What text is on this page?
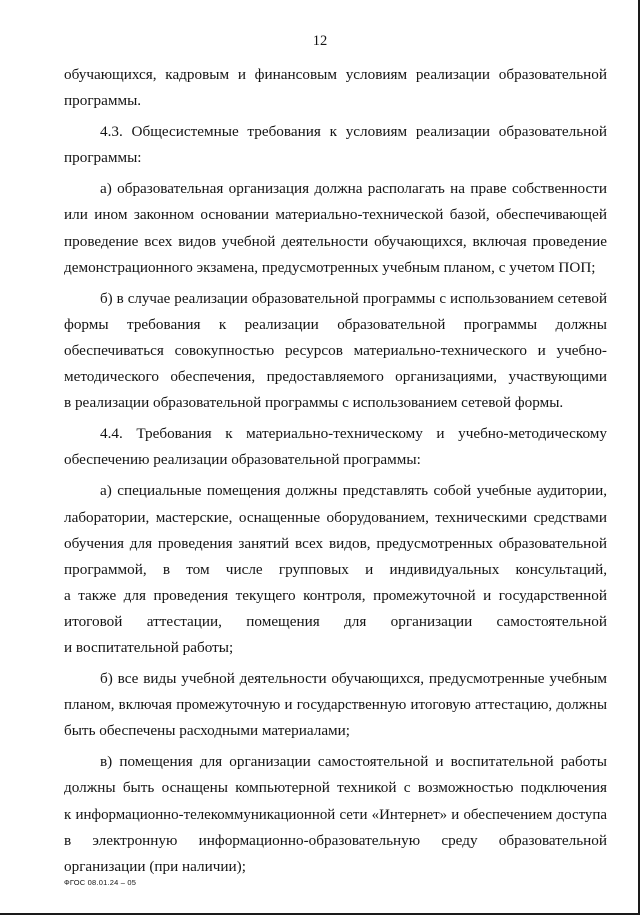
12
обучающихся, кадровым и финансовым условиям реализации образовательной
программы.
4.3. Общесистемные требования к условиям реализации образовательной
программы:
а) образовательная организация должна располагать на праве собственности
или ином законном основании материально-технической базой, обеспечивающей
проведение всех видов учебной деятельности обучающихся, включая проведение
демонстрационного экзамена, предусмотренных учебным планом, с учетом ПОП;
б) в случае реализации образовательной программы с использованием сетевой
формы требования к реализации образовательной программы должны
обеспечиваться совокупностью ресурсов материально-технического и учебно-
методического обеспечения, предоставляемого организациями, участвующими
в реализации образовательной программы с использованием сетевой формы.
4.4. Требования к материально-техническому и учебно-методическому
обеспечению реализации образовательной программы:
а) специальные помещения должны представлять собой учебные аудитории,
лаборатории, мастерские, оснащенные оборудованием, техническими средствами
обучения для проведения занятий всех видов, предусмотренных образовательной
программой, в том числе групповых и индивидуальных консультаций,
а также для проведения текущего контроля, промежуточной и государственной
итоговой аттестации, помещения для организации самостоятельной
и воспитательной работы;
б) все виды учебной деятельности обучающихся, предусмотренные учебным
планом, включая промежуточную и государственную итоговую аттестацию, должны
быть обеспечены расходными материалами;
в) помещения для организации самостоятельной и воспитательной работы
должны быть оснащены компьютерной техникой с возможностью подключения
к информационно-телекоммуникационной сети «Интернет» и обеспечением доступа
в электронную информационно-образовательную среду образовательной
организации (при наличии);
ФГОС 08.01.24 – 05
